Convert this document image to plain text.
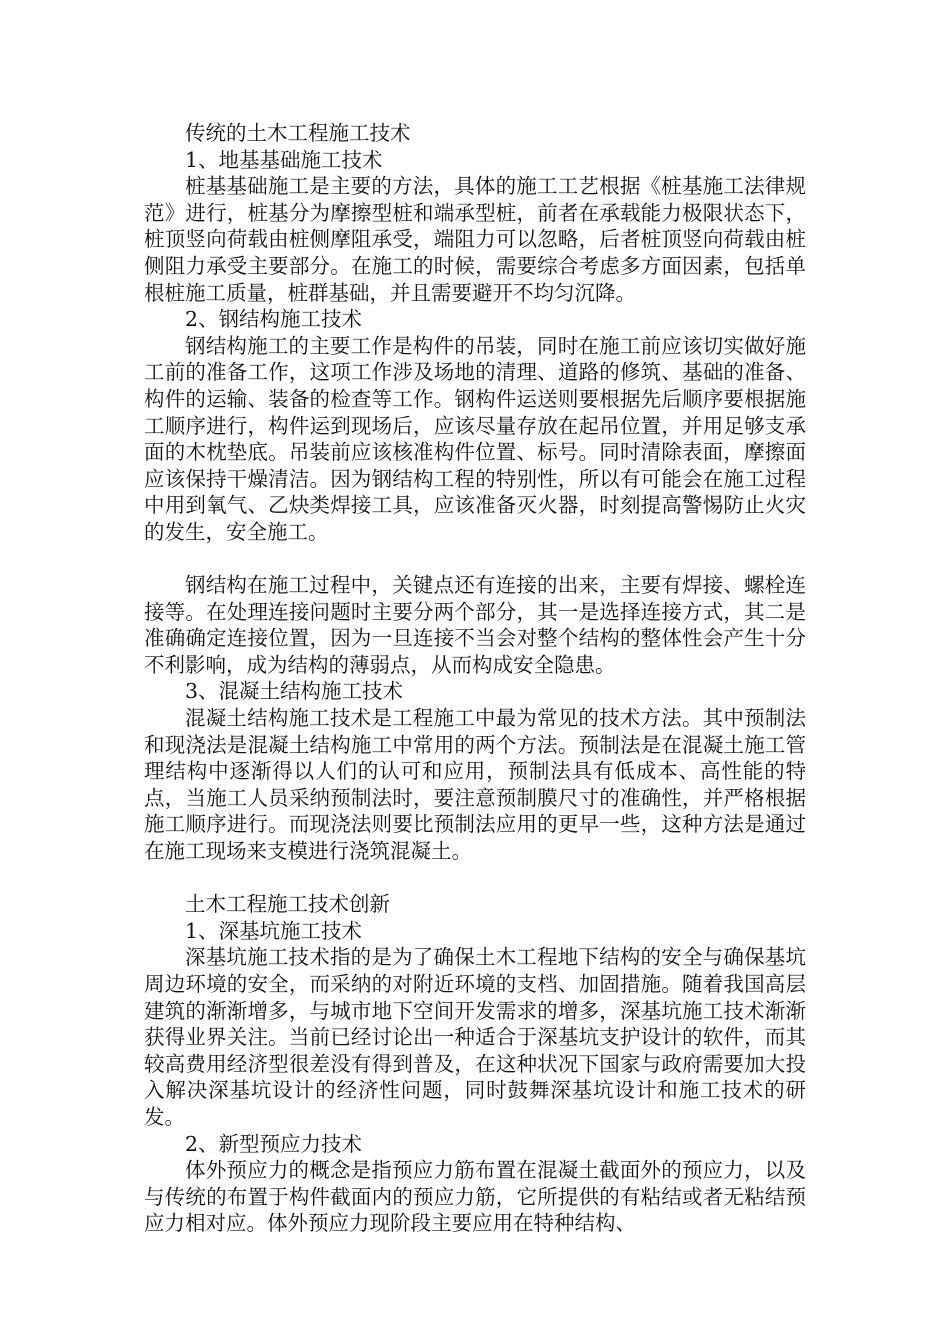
传统的土木工程施工技术

1、地基基础施工技术

桩基基础施工是主要的方法，具体的施工工艺根据《桩基施工法律规范》进行，桩基分为摩擦型桩和端承型桩，前者在承载能力极限状态下，桩顶竖向荷载由桩侧摩阻承受，端阻力可以忽略，后者桩顶竖向荷载由桩侧阻力承受主要部分。在施工的时候，需要综合考虑多方面因素，包括单根桩施工质量，桩群基础，并且需要避开不均匀沉降。

2、钢结构施工技术

钢结构施工的主要工作是构件的吊装，同时在施工前应该切实做好施工前的准备工作，这项工作涉及场地的清理、道路的修筑、基础的准备、构件的运输、装备的检查等工作。钢构件运送则要根据先后顺序要根据施工顺序进行，构件运到现场后，应该尽量存放在起吊位置，并用足够支承面的木枕垫底。吊装前应该核准构件位置、标号。同时清除表面，摩擦面应该保持干燥清洁。因为钢结构工程的特别性，所以有可能会在施工过程中用到氧气、乙炔类焊接工具，应该准备灭火器，时刻提高警惕防止火灾的发生，安全施工。

钢结构在施工过程中，关键点还有连接的出来，主要有焊接、螺栓连接等。在处理连接问题时主要分两个部分，其一是选择连接方式，其二是准确确定连接位置，因为一旦连接不当会对整个结构的整体性会产生十分不利影响，成为结构的薄弱点，从而构成安全隐患。

3、混凝土结构施工技术

混凝土结构施工技术是工程施工中最为常见的技术方法。其中预制法和现浇法是混凝土结构施工中常用的两个方法。预制法是在混凝土施工管理结构中逐渐得以人们的认可和应用，预制法具有低成本、高性能的特点，当施工人员采纳预制法时，要注意预制膜尺寸的准确性，并严格根据施工顺序进行。而现浇法则要比预制法应用的更早一些，这种方法是通过在施工现场来支模进行浇筑混凝土。

土木工程施工技术创新

1、深基坑施工技术

深基坑施工技术指的是为了确保土木工程地下结构的安全与确保基坑周边环境的安全，而采纳的对附近环境的支档、加固措施。随着我国高层建筑的渐渐增多，与城市地下空间开发需求的增多，深基坑施工技术渐渐获得业界关注。当前已经讨论出一种适合于深基坑支护设计的软件，而其较高费用经济型很差没有得到普及，在这种状况下国家与政府需要加大投入解决深基坑设计的经济性问题，同时鼓舞深基坑设计和施工技术的研发。

2、新型预应力技术

体外预应力的概念是指预应力筋布置在混凝土截面外的预应力，以及与传统的布置于构件截面内的预应力筋，它所提供的有粘结或者无粘结预应力相对应。体外预应力现阶段主要应用在特种结构、
